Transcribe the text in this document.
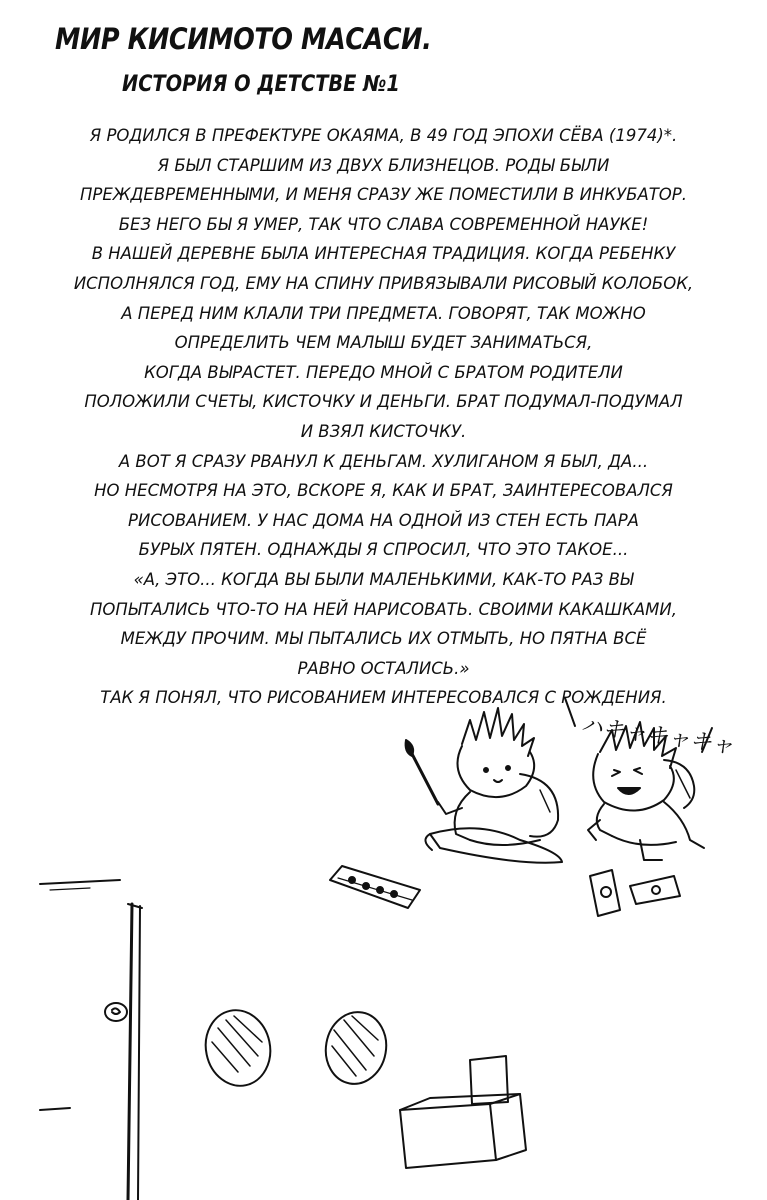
МИР КИСИМОТО МАСАСИ.
ИСТОРИЯ О ДЕТСТВЕ №1
Я РОДИЛСЯ В ПРЕФЕКТУРЕ ОКАЯМА, В 49 ГОД ЭПОХИ СЁВА (1974)*.
Я БЫЛ СТАРШИМ ИЗ ДВУХ БЛИЗНЕЦОВ. РОДЫ БЫЛИ
ПРЕЖДЕВРЕМЕННЫМИ, И МЕНЯ СРАЗУ ЖЕ ПОМЕСТИЛИ В ИНКУБАТОР.
БЕЗ НЕГО БЫ Я УМЕР, ТАК ЧТО СЛАВА СОВРЕМЕННОЙ НАУКЕ!
В НАШЕЙ ДЕРЕВНЕ БЫЛА ИНТЕРЕСНАЯ ТРАДИЦИЯ. КОГДА РЕБЕНКУ
ИСПОЛНЯЛСЯ ГОД, ЕМУ НА СПИНУ ПРИВЯЗЫВАЛИ РИСОВЫЙ КОЛОБОК,
А ПЕРЕД НИМ КЛАЛИ ТРИ ПРЕДМЕТА. ГОВОРЯТ, ТАК МОЖНО
ОПРЕДЕЛИТЬ ЧЕМ МАЛЫШ БУДЕТ ЗАНИМАТЬСЯ,
КОГДА ВЫРАСТЕТ. ПЕРЕДО МНОЙ С БРАТОМ РОДИТЕЛИ
ПОЛОЖИЛИ СЧЕТЫ, КИСТОЧКУ И ДЕНЬГИ. БРАТ ПОДУМАЛ-ПОДУМАЛ
И ВЗЯЛ КИСТОЧКУ.
А ВОТ Я СРАЗУ РВАНУЛ К ДЕНЬГАМ. ХУЛИГАНОМ Я БЫЛ, ДА...
НО НЕСМОТРЯ НА ЭТО, ВСКОРЕ Я, КАК И БРАТ, ЗАИНТЕРЕСОВАЛСЯ
РИСОВАНИЕМ. У НАС ДОМА НА ОДНОЙ ИЗ СТЕН ЕСТЬ ПАРА
БУРЫХ ПЯТЕН. ОДНАЖДЫ Я СПРОСИЛ, ЧТО ЭТО ТАКОЕ...
«А, ЭТО... КОГДА ВЫ БЫЛИ МАЛЕНЬКИМИ, КАК-ТО РАЗ ВЫ
ПОПЫТАЛИСЬ ЧТО-ТО НА НЕЙ НАРИСОВАТЬ. СВОИМИ КАКАШКАМИ,
МЕЖДУ ПРОЧИМ. МЫ ПЫТАЛИСЬ ИХ ОТМЫТЬ, НО ПЯТНА ВСЁ
РАВНО ОСТАЛИСЬ.»
ТАК Я ПОНЯЛ, ЧТО РИСОВАНИЕМ ИНТЕРЕСОВАЛСЯ С РОЖДЕНИЯ.
ハキャキャキャ
